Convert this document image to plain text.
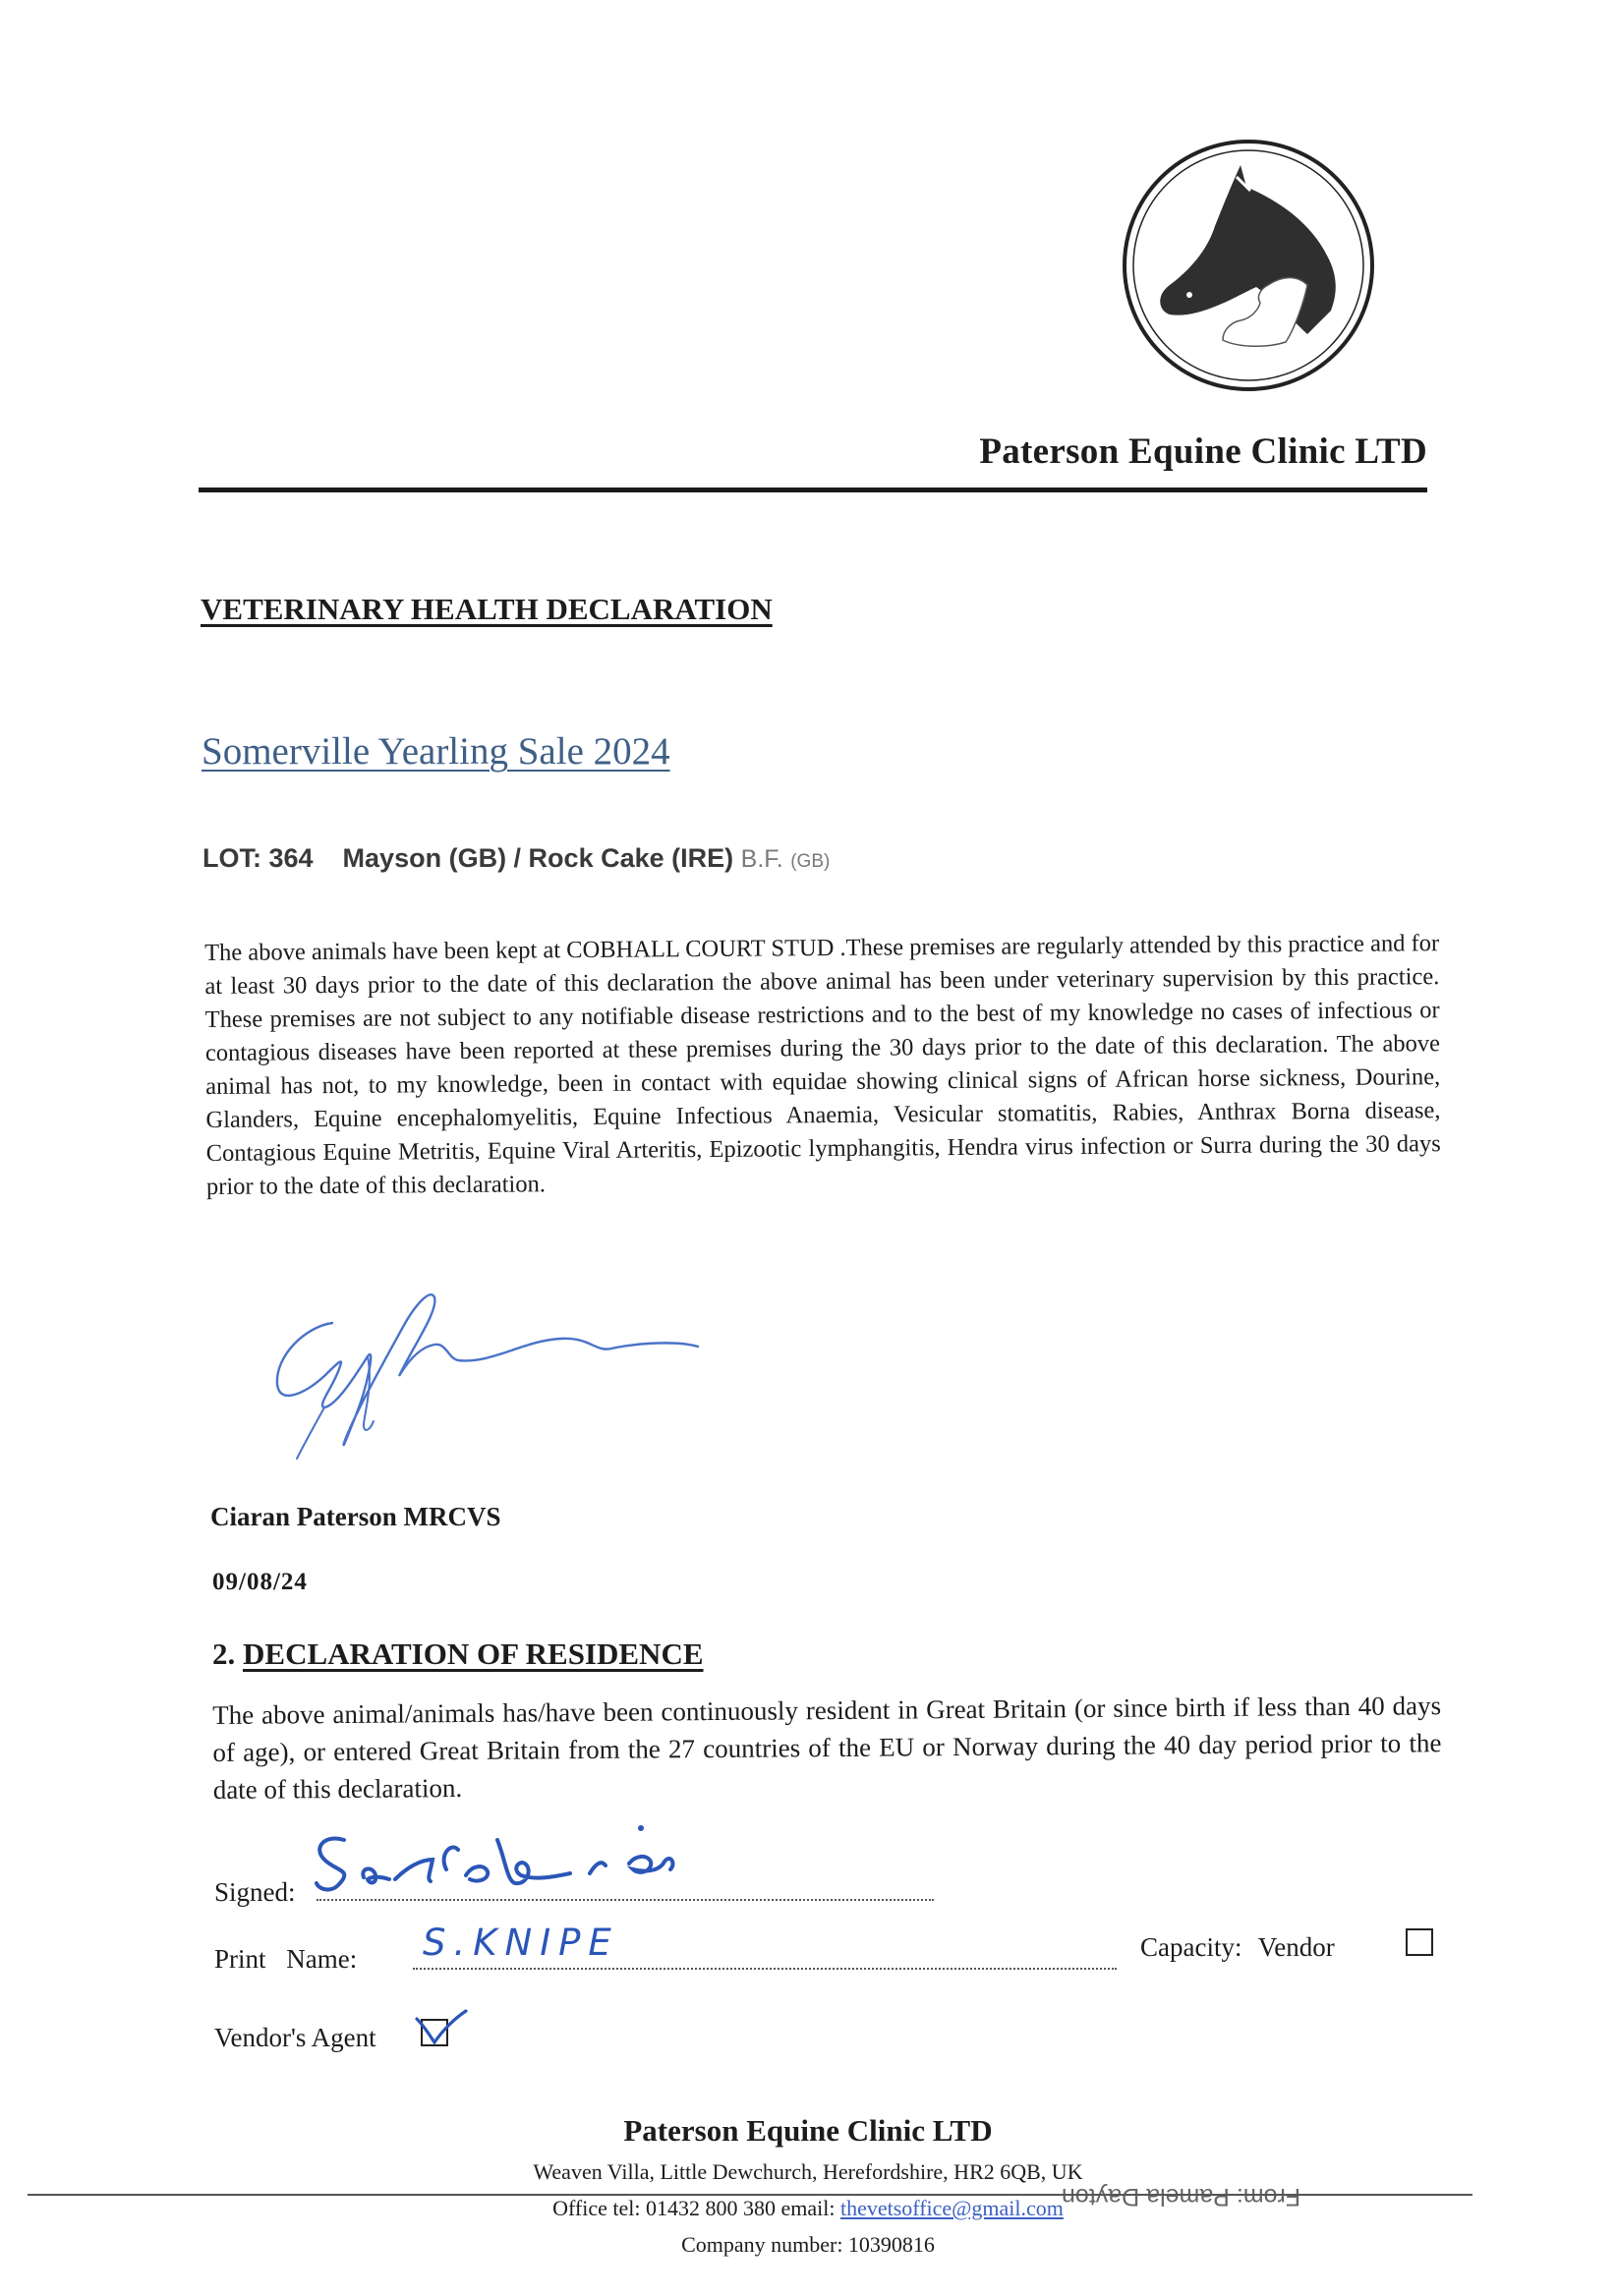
Paterson Equine Clinic LTD
VETERINARY HEALTH DECLARATION
Somerville Yearling Sale 2024
LOT: 364 Mayson (GB) / Rock Cake (IRE) B.F. (GB)
The above animals have been kept at COBHALL COURT STUD .These premises are regularly attended by this practice and for at least 30 days prior to the date of this declaration the above animal has been under veterinary supervision by this practice. These premises are not subject to any notifiable disease restrictions and to the best of my knowledge no cases of infectious or contagious diseases have been reported at these premises during the 30 days prior to the date of this declaration. The above animal has not, to my knowledge, been in contact with equidae showing clinical signs of African horse sickness, Dourine, Glanders, Equine encephalomyelitis, Equine Infectious Anaemia, Vesicular stomatitis, Rabies, Anthrax Borna disease, Contagious Equine Metritis, Equine Viral Arteritis, Epizootic lymphangitis, Hendra virus infection or Surra during the 30 days prior to the date of this declaration.
Ciaran Paterson MRCVS
09/08/24
2. DECLARATION OF RESIDENCE
The above animal/animals has/have been continuously resident in Great Britain (or since birth if less than 40 days of age), or entered Great Britain from the 27 countries of the EU or Norway during the 40 day period prior to the date of this declaration.
Signed:
Print Name: S.KNIPE	Capacity: Vendor
Vendor's Agent
Paterson Equine Clinic LTD
Weaven Villa, Little Dewchurch, Herefordshire, HR2 6QB, UK
From: Pamela Dayton
Office tel: 01432 800 380 email: thevetsoffice@gmail.com
Company number: 10390816
